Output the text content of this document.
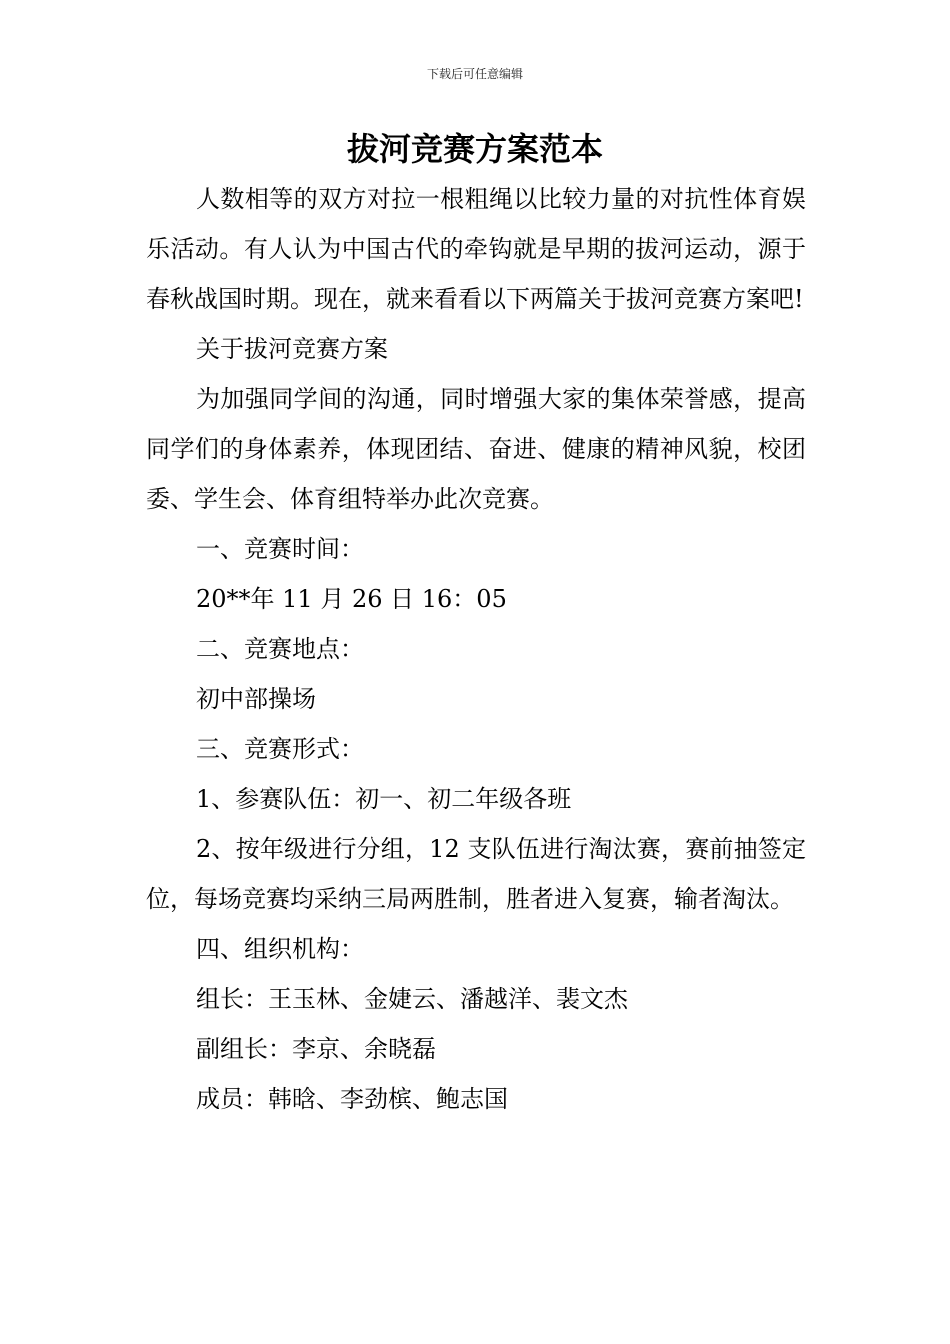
下载后可任意编辑
拔河竞赛方案范本

人数相等的双方对拉一根粗绳以比较力量的对抗性体育娱乐活动。有人认为中国古代的牵钩就是早期的拔河运动，源于 春秋战国时期。现在，就来看看以下两篇关于拔河竞赛方案吧!

关于拔河竞赛方案

为加强同学间的沟通，同时增强大家的集体荣誉感，提高同学们的身体素养，体现团结、奋进、健康的精神风貌，校团委、学生会、体育组特举办此次竞赛。

一、竞赛时间：

20**年 11 月 26 日 16：05

二、竞赛地点：

初中部操场

三、竞赛形式：

1、参赛队伍：初一、初二年级各班

2、按年级进行分组，12 支队伍进行淘汰赛，赛前抽签定位，每场竞赛均采纳三局两胜制，胜者进入复赛，输者淘汰。

四、组织机构：

组长：王玉林、金婕云、潘越洋、裴文杰

副组长：李京、余晓磊

成员：韩晗、李劲槟、鲍志国
